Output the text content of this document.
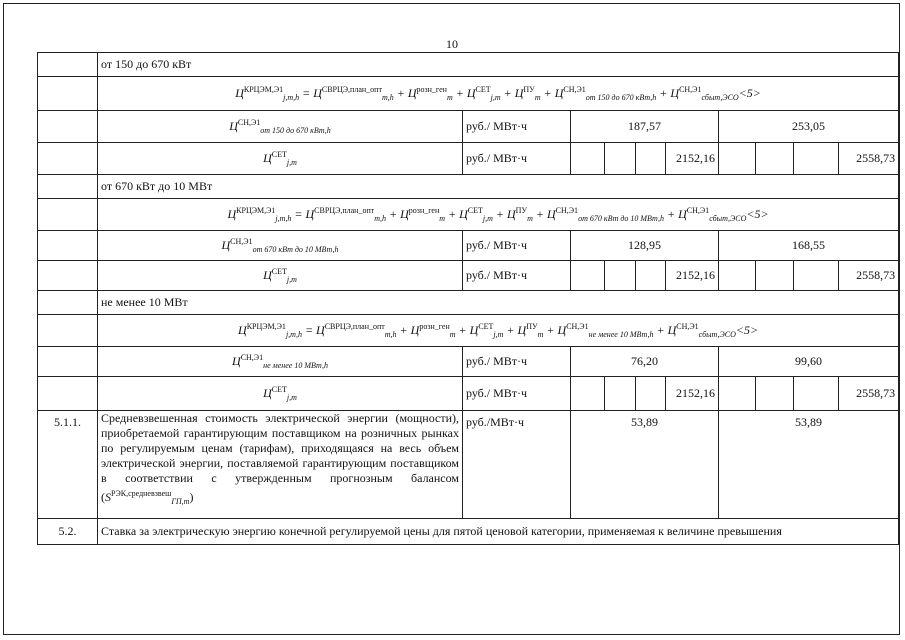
10
	от 150 до 670 кВт									
	$Ц^{КРЦЭМ,Э1}_{j,m,h} = Ц^{СВРЦЭ,план\_опт}_{m,h} + Ц^{розн\_ген}_m + Ц^{СЕТ}_{j,m} + Ц^{ПУ}_m + Ц^{СН,Э1}_{от 150 до 670 кВт,h} + Ц^{СН,Э1}_{сбыт,ЭСО}<5>$									
	$Ц^{СН,Э1}_{от 150 до 670 кВт,h}$	руб./ МВт·ч	187,57				253,05			
	$Ц^{СЕТ}_{j,m}$	руб./ МВт·ч				2152,16				2558,73
	от 670 кВт до 10 МВт									
	$Ц^{КРЦЭМ,Э1}_{j,m,h} = Ц^{СВРЦЭ,план\_опт}_{m,h} + Ц^{розн\_ген}_m + Ц^{СЕТ}_{j,m} + Ц^{ПУ}_m + Ц^{СН,Э1}_{от 670 кВт до 10 МВт,h} + Ц^{СН,Э1}_{сбыт,ЭСО}<5>$									
	$Ц^{СН,Э1}_{от 670 кВт до 10 МВт,h}$	руб./ МВт·ч	128,95				168,55			
	$Ц^{СЕТ}_{j,m}$	руб./ МВт·ч				2152,16				2558,73
	не менее 10 МВт									
	$Ц^{КРЦЭМ,Э1}_{j,m,h} = Ц^{СВРЦЭ,план\_опт}_{m,h} + Ц^{розн\_ген}_m + Ц^{СЕТ}_{j,m} + Ц^{ПУ}_m + Ц^{СН,Э1}_{не менее 10 МВт,h} + Ц^{СН,Э1}_{сбыт,ЭСО}<5>$									
	$Ц^{СН,Э1}_{не менее 10 МВт,h}$	руб./ МВт·ч	76,20				99,60			
	$Ц^{СЕТ}_{j,m}$	руб./ МВт·ч				2152,16				2558,73
5.1.1.	Средневзвешенная стоимость электрической энергии (мощности), приобретаемой гарантирующим поставщиком на розничных рынках по регулируемым ценам (тарифам), приходящаяся на весь объем электрической энергии, поставляемой гарантирующим поставщиком в соответствии с утвержденным прогнозным балансом $(S^{РЭК,средневзвеш}_{ГП,m})$	руб./МВт·ч	53,89				53,89			
5.2.	Ставка за электрическую энергию конечной регулируемой цены для пятой ценовой категории, применяемая к величине превышения									
